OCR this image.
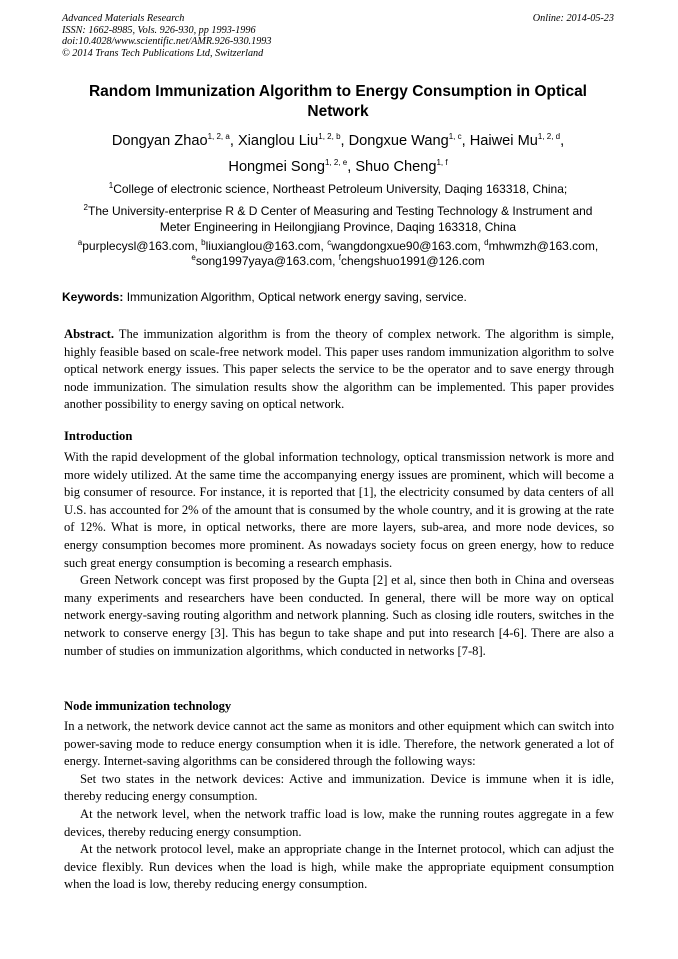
Advanced Materials Research
ISSN: 1662-8985, Vols. 926-930, pp 1993-1996
doi:10.4028/www.scientific.net/AMR.926-930.1993
© 2014 Trans Tech Publications Ltd, Switzerland
Online: 2014-05-23
Random Immunization Algorithm to Energy Consumption in Optical
Network
Dongyan Zhao$^{1, 2, a}$, Xianglou Liu$^{1, 2, b}$, Dongxue Wang$^{1, c}$, Haiwei Mu$^{1, 2, d}$,
Hongmei Song$^{1, 2, e}$, Shuo Cheng$^{1, f}$
$^1$College of electronic science, Northeast Petroleum University, Daqing 163318, China;
$^2$The University-enterprise R & D Center of Measuring and Testing Technology & Instrument and
Meter Engineering in Heilongjiang Province, Daqing 163318, China
$^a$purplecysl@163.com, $^b$liuxianglou@163.com, $^c$wangdongxue90@163.com, $^d$mhwmzh@163.com,
$^e$song1997yaya@163.com, $^f$chengshuo1991@126.com
Keywords: Immunization Algorithm, Optical network energy saving, service.
Abstract. The immunization algorithm is from the theory of complex network. The algorithm is simple, highly feasible based on scale-free network model. This paper uses random immunization algorithm to solve optical network energy issues. This paper selects the service to be the operator and to save energy through node immunization. The simulation results show the algorithm can be implemented. This paper provides another possibility to energy saving on optical network.
Introduction

With the rapid development of the global information technology, optical transmission network is more and more widely utilized. At the same time the accompanying energy issues are prominent, which will become a big consumer of resource. For instance, it is reported that [1], the electricity consumed by data centers of all U.S. has accounted for 2% of the amount that is consumed by the whole country, and it is growing at the rate of 12%. What is more, in optical networks, there are more layers, sub-area, and more node devices, so energy consumption becomes more prominent. As nowadays society focus on green energy, how to reduce such great energy consumption is becoming a research emphasis.

Green Network concept was first proposed by the Gupta [2] et al, since then both in China and overseas many experiments and researchers have been conducted. In general, there will be more way on optical network energy-saving routing algorithm and network planning. Such as closing idle routers, switches in the network to conserve energy [3]. This has begun to take shape and put into research [4-6]. There are also a number of studies on immunization algorithms, which conducted in networks [7-8].

Node immunization technology

In a network, the network device cannot act the same as monitors and other equipment which can switch into power-saving mode to reduce energy consumption when it is idle. Therefore, the network generated a lot of energy. Internet-saving algorithms can be considered through the following ways:

Set two states in the network devices: Active and immunization. Device is immune when it is idle, thereby reducing energy consumption.

At the network level, when the network traffic load is low, make the running routes aggregate in a few devices, thereby reducing energy consumption.

At the network protocol level, make an appropriate change in the Internet protocol, which can adjust the device flexibly. Run devices when the load is high, while make the appropriate equipment consumption when the load is low, thereby reducing energy consumption.
